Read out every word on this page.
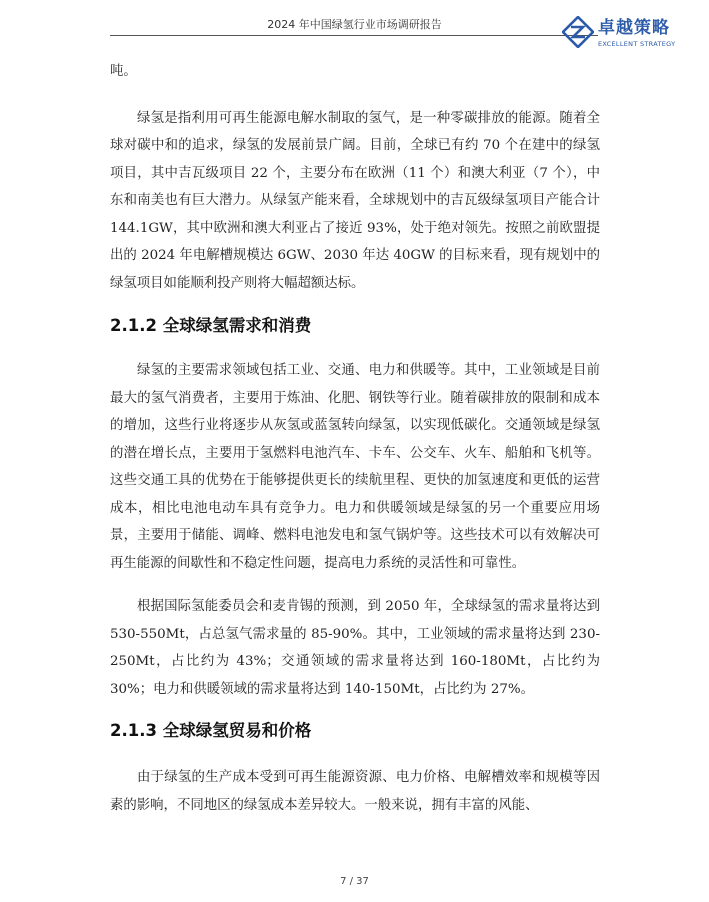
2024 年中国绿氢行业市场调研报告	卓越策略
EXCELLENT STRATEGY

吨。

绿氢是指利用可再生能源电解水制取的氢气，是一种零碳排放的能源。随着全球对碳中和的追求，绿氢的发展前景广阔。目前，全球已有约 70 个在建中的绿氢项目，其中吉瓦级项目 22 个，主要分布在欧洲（11 个）和澳大利亚（7 个），中东和南美也有巨大潜力。从绿氢产能来看，全球规划中的吉瓦级绿氢项目产能合计 144.1GW，其中欧洲和澳大利亚占了接近 93%，处于绝对领先。按照之前欧盟提出的 2024 年电解槽规模达 6GW、2030 年达 40GW 的目标来看，现有规划中的绿氢项目如能顺利投产则将大幅超额达标。

2.1.2 全球绿氢需求和消费

绿氢的主要需求领域包括工业、交通、电力和供暖等。其中，工业领域是目前最大的氢气消费者，主要用于炼油、化肥、钢铁等行业。随着碳排放的限制和成本的增加，这些行业将逐步从灰氢或蓝氢转向绿氢，以实现低碳化。交通领域是绿氢的潜在增长点，主要用于氢燃料电池汽车、卡车、公交车、火车、船舶和飞机等。这些交通工具的优势在于能够提供更长的续航里程、更快的加氢速度和更低的运营成本，相比电池电动车具有竞争力。电力和供暖领域是绿氢的另一个重要应用场景，主要用于储能、调峰、燃料电池发电和氢气锅炉等。这些技术可以有效解决可再生能源的间歇性和不稳定性问题，提高电力系统的灵活性和可靠性。

根据国际氢能委员会和麦肯锡的预测，到 2050 年，全球绿氢的需求量将达到 530-550Mt，占总氢气需求量的 85-90%。其中，工业领域的需求量将达到 230-250Mt，占比约为 43%；交通领域的需求量将达到 160-180Mt，占比约为 30%；电力和供暖领域的需求量将达到 140-150Mt，占比约为 27%。

2.1.3 全球绿氢贸易和价格

由于绿氢的生产成本受到可再生能源资源、电力价格、电解槽效率和规模等因素的影响，不同地区的绿氢成本差异较大。一般来说，拥有丰富的风能、

7 / 37
